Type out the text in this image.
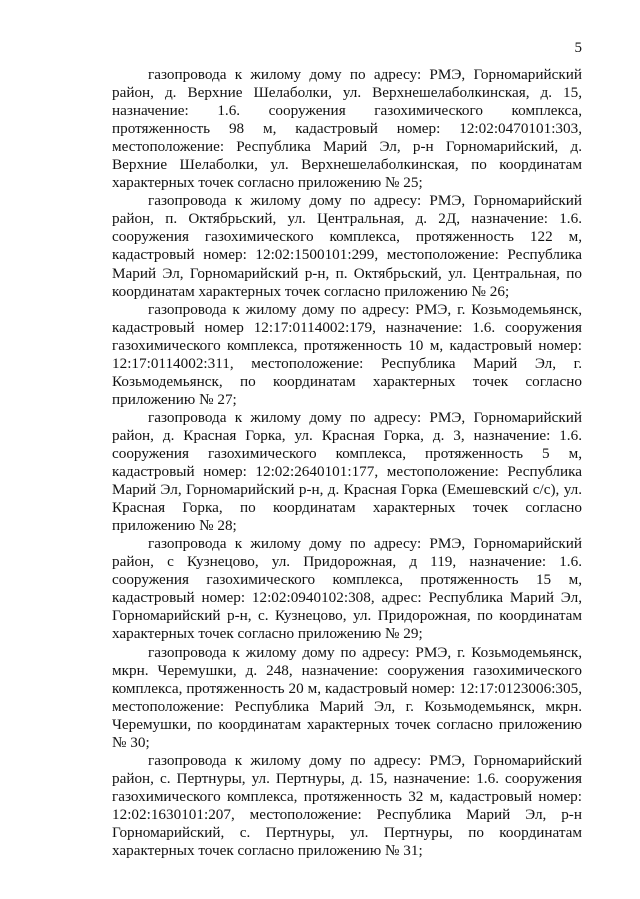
5

газопровода к жилому дому по адресу: РМЭ, Горномарийский район, д. Верхние Шелаболки, ул. Верхнешелаболкинская, д. 15, назначение: 1.6. сооружения газохимического комплекса, протяженность 98 м, кадастровый номер: 12:02:0470101:303, местоположение: Республика Марий Эл, р-н Горномарийский, д. Верхние Шелаболки, ул. Верхнешелаболкинская, по координатам характерных точек согласно приложению № 25;

газопровода к жилому дому по адресу: РМЭ, Горномарийский район, п. Октябрьский, ул. Центральная, д. 2Д, назначение: 1.6. сооружения газохимического комплекса, протяженность 122 м, кадастровый номер: 12:02:1500101:299, местоположение: Республика Марий Эл, Горномарийский р-н, п. Октябрьский, ул. Центральная, по координатам характерных точек согласно приложению № 26;

газопровода к жилому дому по адресу: РМЭ, г. Козьмодемьянск, кадастровый номер 12:17:0114002:179, назначение: 1.6. сооружения газохимического комплекса, протяженность 10 м, кадастровый номер: 12:17:0114002:311, местоположение: Республика Марий Эл, г. Козьмодемьянск, по координатам характерных точек согласно приложению № 27;

газопровода к жилому дому по адресу: РМЭ, Горномарийский район, д. Красная Горка, ул. Красная Горка, д. 3, назначение: 1.6. сооружения газохимического комплекса, протяженность 5 м, кадастровый номер: 12:02:2640101:177, местоположение: Республика Марий Эл, Горномарийский р-н, д. Красная Горка (Емешевский с/с), ул. Красная Горка, по координатам характерных точек согласно приложению № 28;

газопровода к жилому дому по адресу: РМЭ, Горномарийский район, с Кузнецово, ул. Придорожная, д 119, назначение: 1.6. сооружения газохимического комплекса, протяженность 15 м, кадастровый номер: 12:02:0940102:308, адрес: Республика Марий Эл, Горномарийский р-н, с. Кузнецово, ул. Придорожная, по координатам характерных точек согласно приложению № 29;

газопровода к жилому дому по адресу: РМЭ, г. Козьмодемьянск, мкрн. Черемушки, д. 248, назначение: сооружения газохимического комплекса, протяженность 20 м, кадастровый номер: 12:17:0123006:305, местоположение: Республика Марий Эл, г. Козьмодемьянск, мкрн. Черемушки, по координатам характерных точек согласно приложению № 30;

газопровода к жилому дому по адресу: РМЭ, Горномарийский район, с. Пертнуры, ул. Пертнуры, д. 15, назначение: 1.6. сооружения газохимического комплекса, протяженность 32 м, кадастровый номер: 12:02:1630101:207, местоположение: Республика Марий Эл, р-н Горномарийский, с. Пертнуры, ул. Пертнуры, по координатам характерных точек согласно приложению № 31;
